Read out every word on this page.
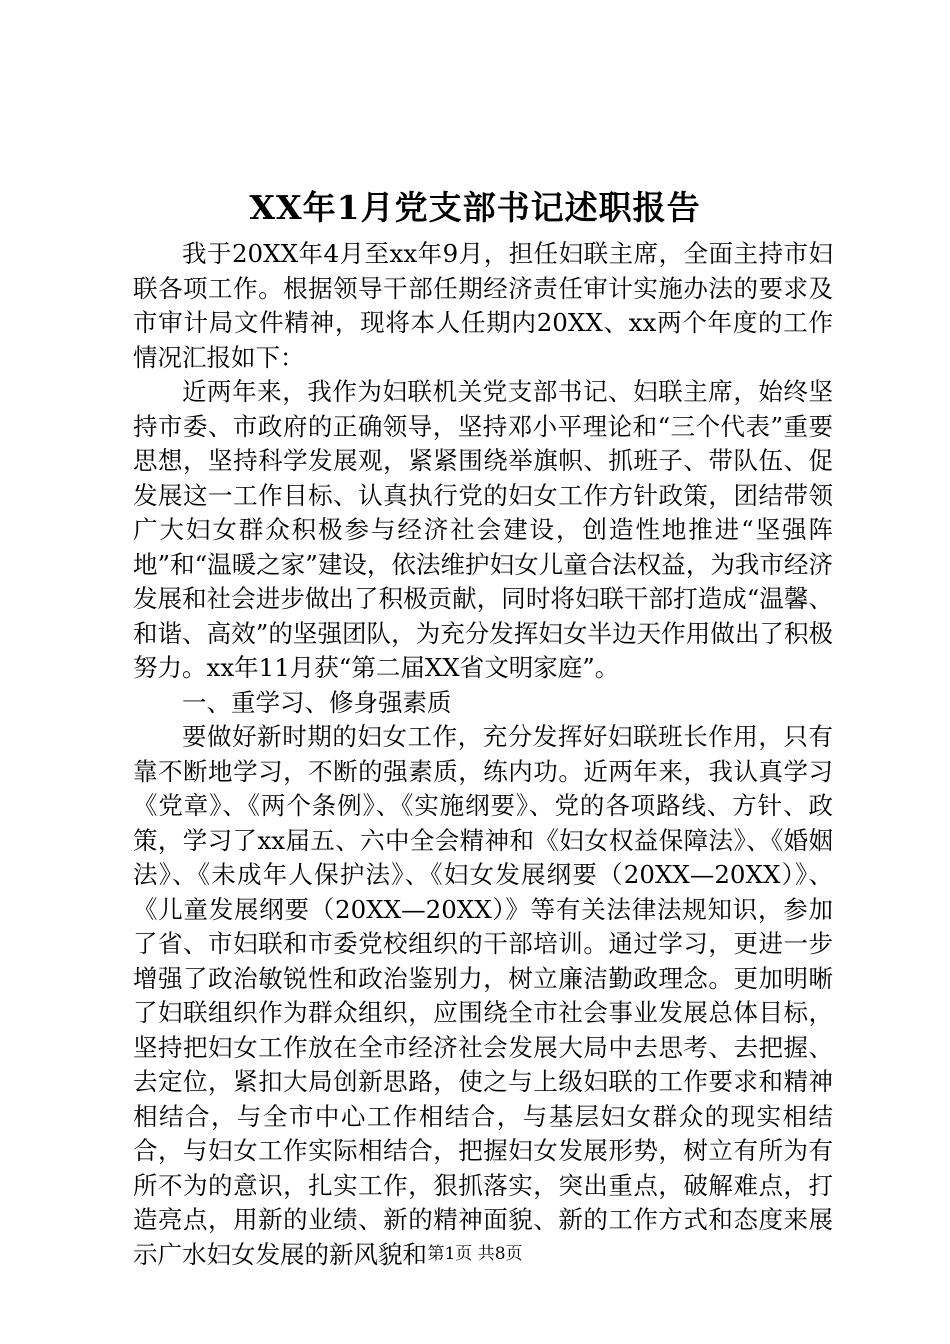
XX年1月党支部书记述职报告

我于20XX年4月至xx年9月，担任妇联主席，全面主持市妇联各项工作。根据领导干部任期经济责任审计实施办法的要求及市审计局文件精神，现将本人任期内20XX、xx两个年度的工作情况汇报如下：

近两年来，我作为妇联机关党支部书记、妇联主席，始终坚持市委、市政府的正确领导，坚持邓小平理论和“三个代表”重要思想，坚持科学发展观，紧紧围绕举旗帜、抓班子、带队伍、促发展这一工作目标、认真执行党的妇女工作方针政策，团结带领广大妇女群众积极参与经济社会建设，创造性地推进“坚强阵地”和“温暖之家”建设，依法维护妇女儿童合法权益，为我市经济发展和社会进步做出了积极贡献，同时将妇联干部打造成“温馨、和谐、高效”的坚强团队，为充分发挥妇女半边天作用做出了积极努力。xx年11月获“第二届XX省文明家庭”。

一、重学习、修身强素质

要做好新时期的妇女工作，充分发挥好妇联班长作用，只有靠不断地学习，不断的强素质，练内功。近两年来，我认真学习《党章》、《两个条例》、《实施纲要》、党的各项路线、方针、政策，学习了xx届五、六中全会精神和《妇女权益保障法》、《婚姻法》、《未成年人保护法》、《妇女发展纲要（20XX—20XX）》、《儿童发展纲要（20XX—20XX）》等有关法律法规知识，参加了省、市妇联和市委党校组织的干部培训。通过学习，更进一步增强了政治敏锐性和政治鉴别力，树立廉洁勤政理念。更加明晰了妇联组织作为群众组织，应围绕全市社会事业发展总体目标，坚持把妇女工作放在全市经济社会发展大局中去思考、去把握、去定位，紧扣大局创新思路，使之与上级妇联的工作要求和精神相结合，与全市中心工作相结合，与基层妇女群众的现实相结合，与妇女工作实际相结合，把握妇女发展形势，树立有所为有所不为的意识，扎实工作，狠抓落实，突出重点，破解难点，打造亮点，用新的业绩、新的精神面貌、新的工作方式和态度来展示广水妇女发展的新风貌和 第1页 共8页
